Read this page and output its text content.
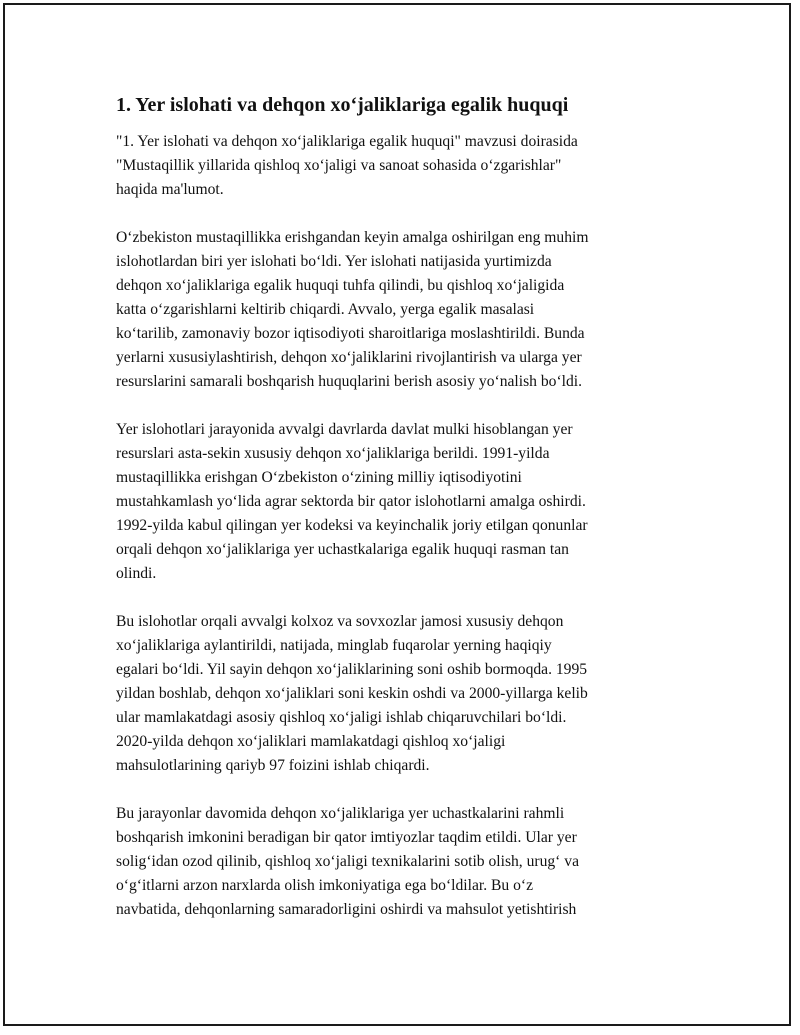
1. Yer islohati va dehqon xo‘jaliklariga egalik huquqi

"1. Yer islohati va dehqon xo‘jaliklariga egalik huquqi" mavzusi doirasida
"Mustaqillik yillarida qishloq xo‘jaligi va sanoat sohasida o‘zgarishlar"
haqida ma'lumot.

O‘zbekiston mustaqillikka erishgandan keyin amalga oshirilgan eng muhim
islohotlardan biri yer islohati bo‘ldi. Yer islohati natijasida yurtimizda
dehqon xo‘jaliklariga egalik huquqi tuhfa qilindi, bu qishloq xo‘jaligida
katta o‘zgarishlarni keltirib chiqardi. Avvalo, yerga egalik masalasi
ko‘tarilib, zamonaviy bozor iqtisodiyoti sharoitlariga moslashtirildi. Bunda
yerlarni xususiylashtirish, dehqon xo‘jaliklarini rivojlantirish va ularga yer
resurslarini samarali boshqarish huquqlarini berish asosiy yo‘nalish bo‘ldi.

Yer islohotlari jarayonida avvalgi davrlarda davlat mulki hisoblangan yer
resurslari asta-sekin xususiy dehqon xo‘jaliklariga berildi. 1991-yilda
mustaqillikka erishgan O‘zbekiston o‘zining milliy iqtisodiyotini
mustahkamlash yo‘lida agrar sektorda bir qator islohotlarni amalga oshirdi.
1992-yilda kabul qilingan yer kodeksi va keyinchalik joriy etilgan qonunlar
orqali dehqon xo‘jaliklariga yer uchastkalariga egalik huquqi rasman tan
olindi.

Bu islohotlar orqali avvalgi kolxoz va sovxozlar jamosi xususiy dehqon
xo‘jaliklariga aylantirildi, natijada, minglab fuqarolar yerning haqiqiy
egalari bo‘ldi. Yil sayin dehqon xo‘jaliklarining soni oshib bormoqda. 1995
yildan boshlab, dehqon xo‘jaliklari soni keskin oshdi va 2000-yillarga kelib
ular mamlakatdagi asosiy qishloq xo‘jaligi ishlab chiqaruvchilari bo‘ldi.
2020-yilda dehqon xo‘jaliklari mamlakatdagi qishloq xo‘jaligi
mahsulotlarining qariyb 97 foizini ishlab chiqardi.

Bu jarayonlar davomida dehqon xo‘jaliklariga yer uchastkalarini rahmli
boshqarish imkonini beradigan bir qator imtiyozlar taqdim etildi. Ular yer
solig‘idan ozod qilinib, qishloq xo‘jaligi texnikalarini sotib olish, urug‘ va
o‘g‘itlarni arzon narxlarda olish imkoniyatiga ega bo‘ldilar. Bu o‘z
navbatida, dehqonlarning samaradorligini oshirdi va mahsulot yetishtirish
